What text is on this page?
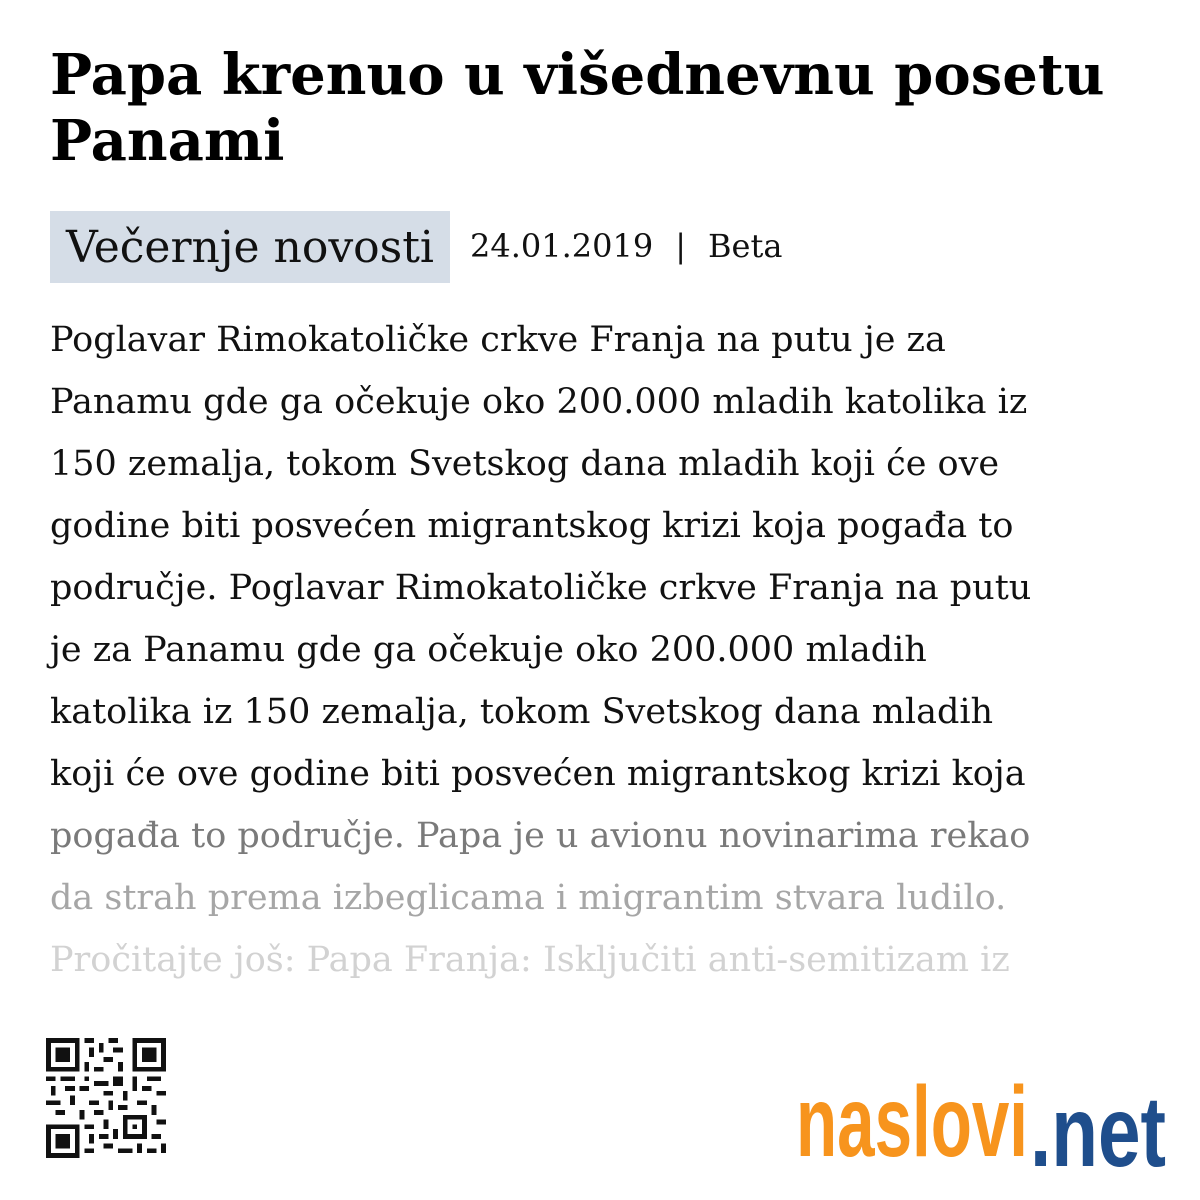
Papa krenuo u višednevnu posetu Panami
Večernje novosti	24.01.2019 | Beta
Poglavar Rimokatoličke crkve Franja na putu je za
Panamu gde ga očekuje oko 200.000 mladih katolika iz
150 zemalja, tokom Svetskog dana mladih koji će ove
godine biti posvećen migrantskog krizi koja pogađa to
područje. Poglavar Rimokatoličke crkve Franja na putu
je za Panamu gde ga očekuje oko 200.000 mladih
katolika iz 150 zemalja, tokom Svetskog dana mladih
koji će ove godine biti posvećen migrantskog krizi koja
pogađa to područje. Papa je u avionu novinarima rekao
da strah prema izbeglicama i migrantim stvara ludilo.
Pročitajte još: Papa Franja: Isključiti anti-semitizam iz
naslovi .net
